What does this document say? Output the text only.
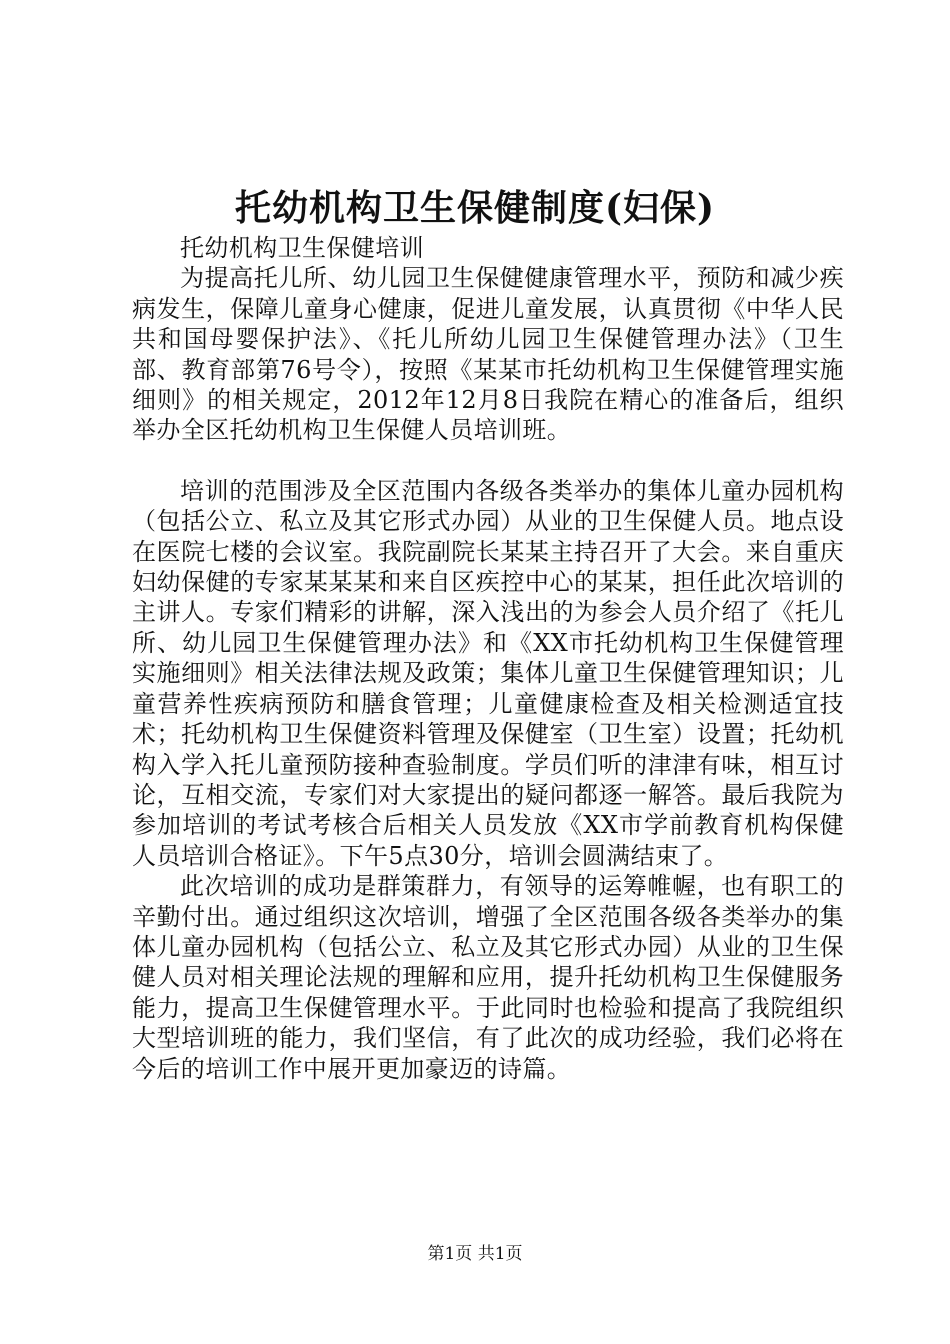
托幼机构卫生保健制度(妇保)

托幼机构卫生保健培训

为提高托儿所、幼儿园卫生保健健康管理水平，预防和减少疾病发生，保障儿童身心健康，促进儿童发展，认真贯彻《中华人民共和国母婴保护法》、《托儿所幼儿园卫生保健管理办法》（卫生部、教育部第76号令），按照《某某市托幼机构卫生保健管理实施细则》的相关规定，2012年12月8日我院在精心的准备后，组织举办全区托幼机构卫生保健人员培训班。

培训的范围涉及全区范围内各级各类举办的集体儿童办园机构（包括公立、私立及其它形式办园）从业的卫生保健人员。地点设在医院七楼的会议室。我院副院长某某主持召开了大会。来自重庆妇幼保健的专家某某某和来自区疾控中心的某某，担任此次培训的主讲人。专家们精彩的讲解，深入浅出的为参会人员介绍了《托儿所、幼儿园卫生保健管理办法》和《XX市托幼机构卫生保健管理实施细则》相关法律法规及政策；集体儿童卫生保健管理知识；儿童营养性疾病预防和膳食管理；儿童健康检查及相关检测适宜技术；托幼机构卫生保健资料管理及保健室（卫生室）设置；托幼机构入学入托儿童预防接种查验制度。学员们听的津津有味，相互讨论，互相交流，专家们对大家提出的疑问都逐一解答。最后我院为参加培训的考试考核合后相关人员发放《XX市学前教育机构保健人员培训合格证》。下午5点30分，培训会圆满结束了。

此次培训的成功是群策群力，有领导的运筹帷幄，也有职工的辛勤付出。通过组织这次培训，增强了全区范围各级各类举办的集体儿童办园机构（包括公立、私立及其它形式办园）从业的卫生保健人员对相关理论法规的理解和应用，提升托幼机构卫生保健服务能力，提高卫生保健管理水平。于此同时也检验和提高了我院组织大型培训班的能力，我们坚信，有了此次的成功经验，我们必将在今后的培训工作中展开更加豪迈的诗篇。

第1页 共1页
